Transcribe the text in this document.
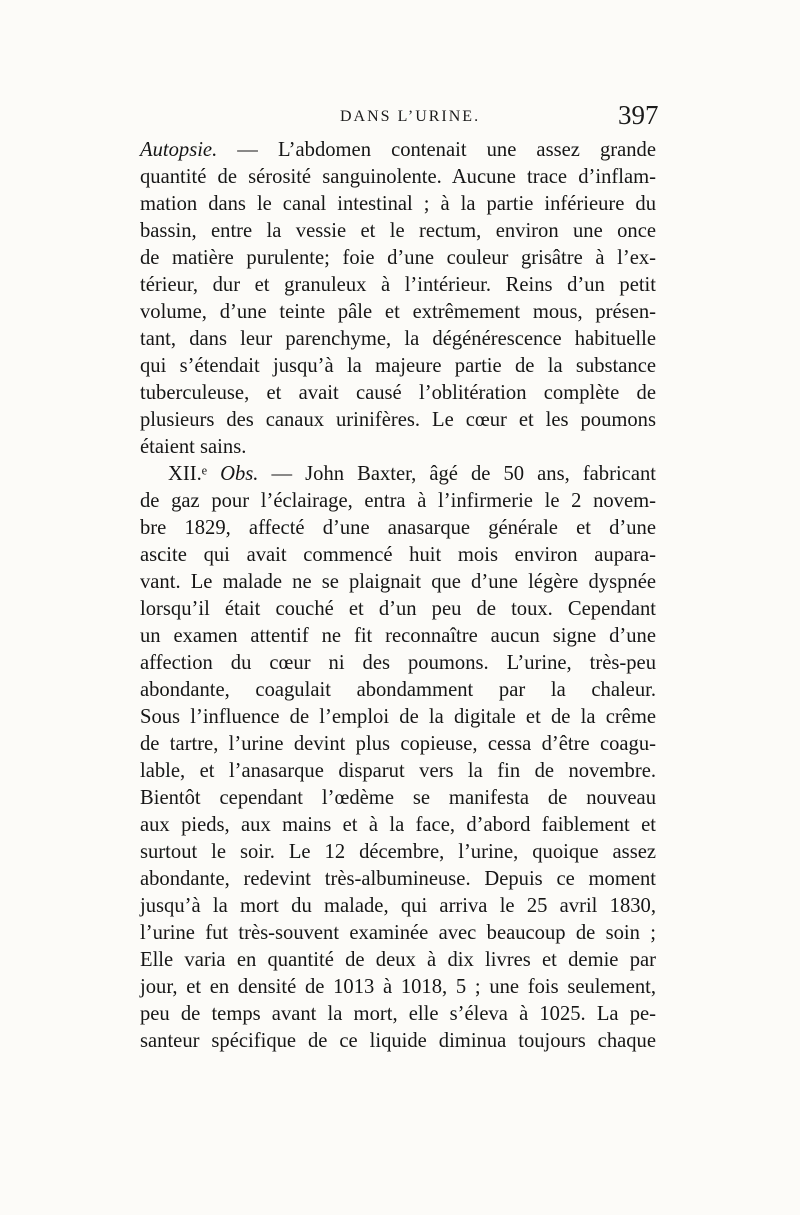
DANS L’URINE.	397
Autopsie. — L’abdomen contenait une assez grande
quantité de sérosité sanguinolente. Aucune trace d’inflam-
mation dans le canal intestinal ; à la partie inférieure du
bassin, entre la vessie et le rectum, environ une once
de matière purulente; foie d’une couleur grisâtre à l’ex-
térieur, dur et granuleux à l’intérieur. Reins d’un petit
volume, d’une teinte pâle et extrêmement mous, présen-
tant, dans leur parenchyme, la dégénérescence habituelle
qui s’étendait jusqu’à la majeure partie de la substance
tuberculeuse, et avait causé l’oblitération complète de
plusieurs des canaux urinifères. Le cœur et les poumons
étaient sains.
XII.ᵉ Obs. — John Baxter, âgé de 50 ans, fabricant
de gaz pour l’éclairage, entra à l’infirmerie le 2 novem-
bre 1829, affecté d’une anasarque générale et d’une
ascite qui avait commencé huit mois environ aupara-
vant. Le malade ne se plaignait que d’une légère dyspnée
lorsqu’il était couché et d’un peu de toux. Cependant
un examen attentif ne fit reconnaître aucun signe d’une
affection du cœur ni des poumons. L’urine, très-peu
abondante, coagulait abondamment par la chaleur.
Sous l’influence de l’emploi de la digitale et de la crême
de tartre, l’urine devint plus copieuse, cessa d’être coagu-
lable, et l’anasarque disparut vers la fin de novembre.
Bientôt cependant l’œdème se manifesta de nouveau
aux pieds, aux mains et à la face, d’abord faiblement et
surtout le soir. Le 12 décembre, l’urine, quoique assez
abondante, redevint très-albumineuse. Depuis ce moment
jusqu’à la mort du malade, qui arriva le 25 avril 1830,
l’urine fut très-souvent examinée avec beaucoup de soin ;
Elle varia en quantité de deux à dix livres et demie par
jour, et en densité de 1013 à 1018, 5 ; une fois seulement,
peu de temps avant la mort, elle s’éleva à 1025. La pe-
santeur spécifique de ce liquide diminua toujours chaque
